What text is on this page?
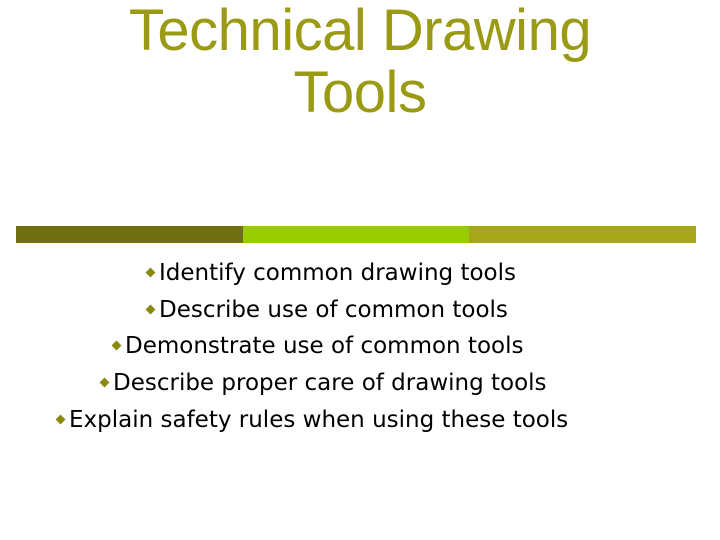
Technical Drawing
Tools
Identify common drawing tools
Describe use of common tools
Demonstrate use of common tools
Describe proper care of drawing tools
Explain safety rules when using these tools
